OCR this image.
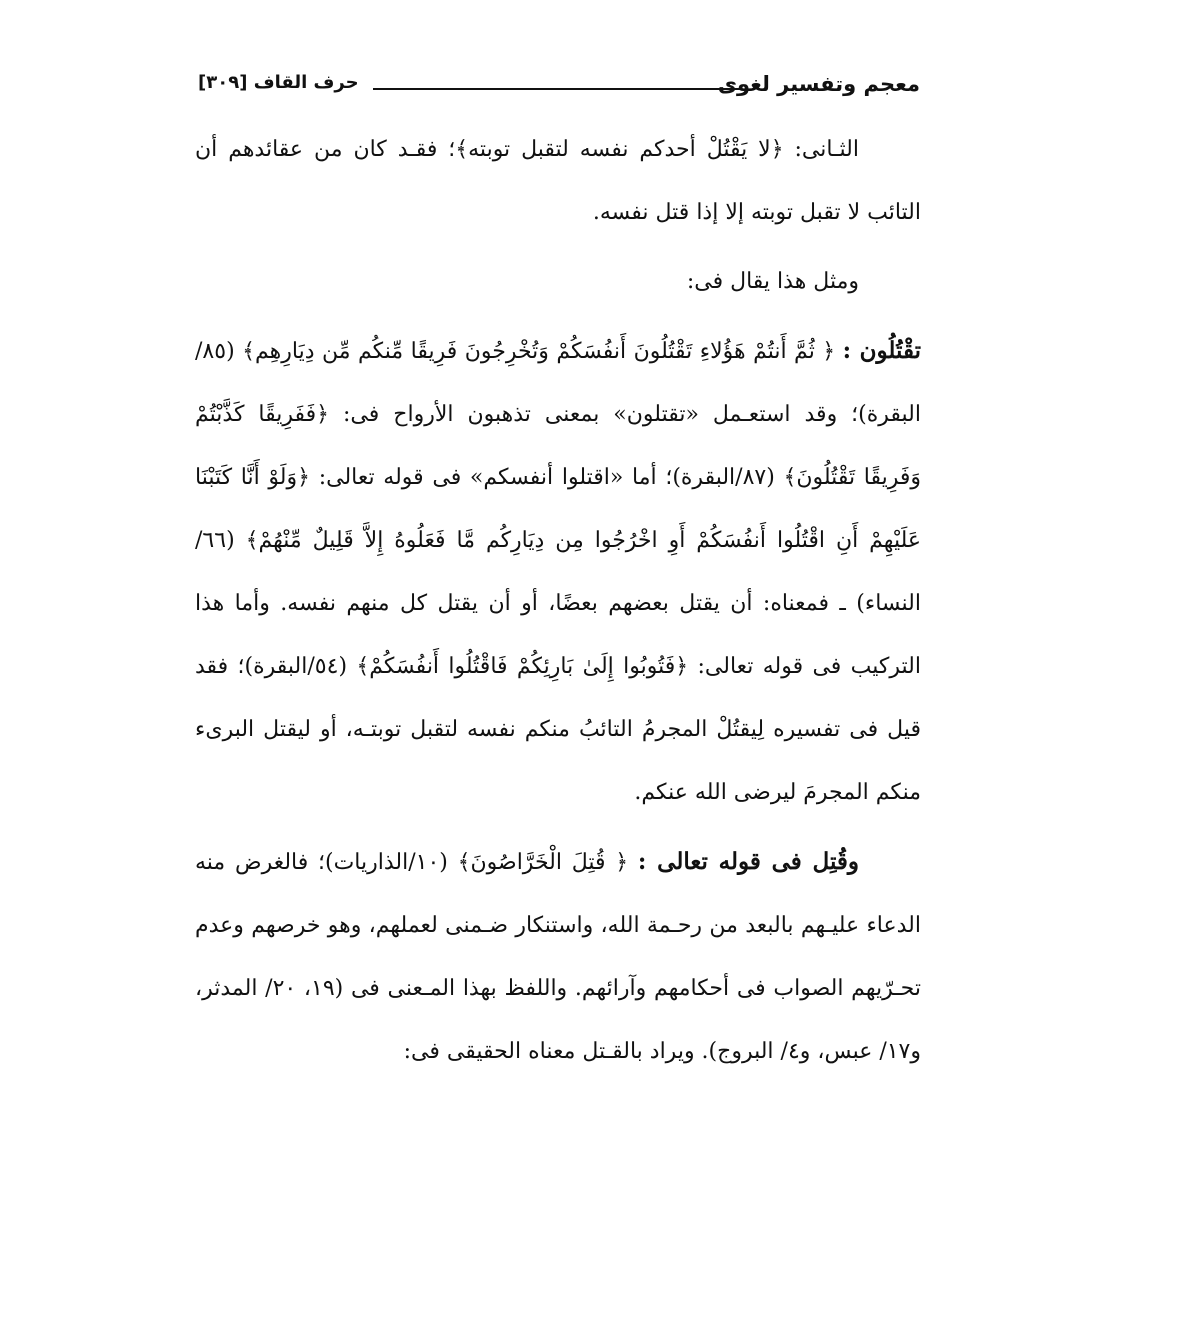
معجم وتفسير لغوى
حرف القاف [٣٠٩]

الثـانى: ﴿لا يَقْتُلْ أحدكم نفسه لتقبل توبته﴾؛ فقـد كان من عقائدهم أن التائب لا تقبل توبته إلا إذا قتل نفسه.

ومثل هذا يقال فى:

تقْتُلُون : ﴿ ثُمَّ أَنتُمْ هَؤُلاءِ تَقْتُلُونَ أَنفُسَكُمْ وَتُخْرِجُونَ فَرِيقًا مِّنكُم مِّن دِيَارِهِم﴾ (٨٥/البقرة)؛ وقد استعـمل «تقتلون» بمعنى تذهبون الأرواح فى: ﴿فَفَرِيقًا كَذَّبْتُمْ وَفَرِيقًا تَقْتُلُونَ﴾ (٨٧/البقرة)؛ أما «اقتلوا أنفسكم» فى قوله تعالى: ﴿وَلَوْ أَنَّا كَتَبْنَا عَلَيْهِمْ أَنِ اقْتُلُوا أَنفُسَكُمْ أَوِ اخْرُجُوا مِن دِيَارِكُم مَّا فَعَلُوهُ إِلاَّ قَلِيلٌ مِّنْهُمْ﴾ (٦٦/النساء) ـ فمعناه: أن يقتل بعضهم بعضًا، أو أن يقتل كل منهم نفسه. وأما هذا التركيب فى قوله تعالى: ﴿فَتُوبُوا إِلَىٰ بَارِئِكُمْ فَاقْتُلُوا أَنفُسَكُمْ﴾ (٥٤/البقرة)؛ فقد قيل فى تفسيره لِيقتُلْ المجرمُ التائبُ منكم نفسه لتقبل توبتـه، أو ليقتل البرىء منكم المجرمَ ليرضى الله عنكم.

وقُتِل فى قوله تعالى : ﴿ قُتِلَ الْخَرَّاصُونَ﴾ (١٠/الذاريات)؛ فالغرض منه الدعاء عليـهم بالبعد من رحـمة الله، واستنكار ضـمنى لعملهم، وهو خرصهم وعدم تحـرّيهم الصواب فى أحكامهم وآرائهم. واللفظ بهذا المـعنى فى (١٩، ٢٠/ المدثر، و١٧/ عبس، و٤/ البروج). ويراد بالقـتل معناه الحقيقى فى:
